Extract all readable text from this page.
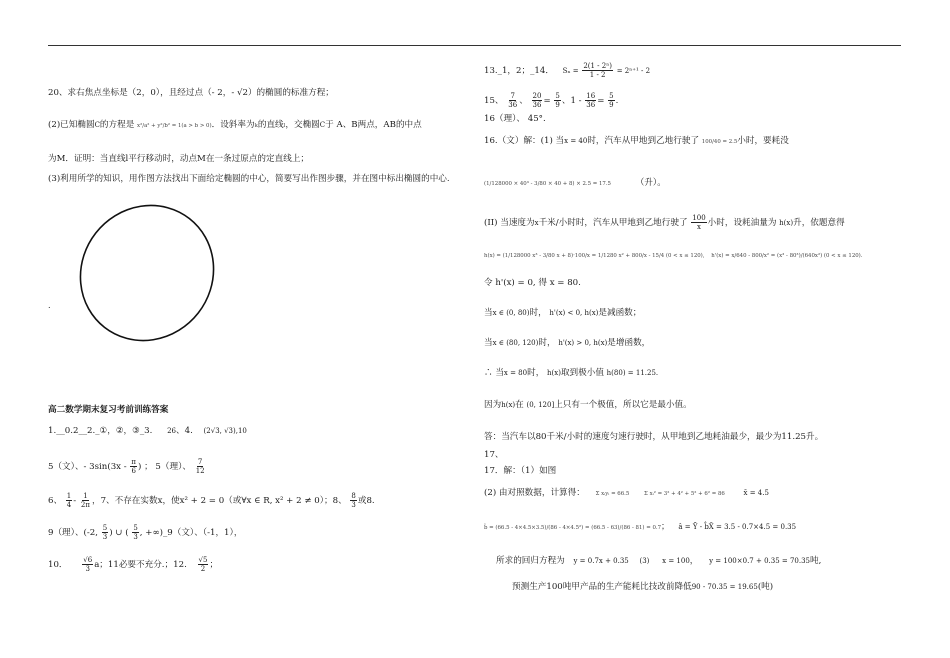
20、求右焦点坐标是（2，0），且经过点（- 2，- √2）的椭圆的标准方程；
(2)已知椭圆C的方程是 x²/a² + y²/b² = 1(a > b > 0)．设斜率为k的直线l，交椭圆C于 A、B两点，AB的中点
为M．证明：当直线l平行移动时，动点M在一条过原点的定直线上；
(3)利用所学的知识，用作图方法找出下面给定椭圆的中心，简要写出作图步骤，并在图中标出椭圆的中心.
.
高二数学期末复习考前训练答案
1.__0.2__2._①，②，③_3. 26、4. (2√3, √3),10
5（文）、- $3\sin(3x - \frac{\pi}{6}$ ) ； 5（理）、 $\frac{7}{12}$
6、 $\frac{1}{4} - \frac{1}{2\pi}$ ，7、不存在实数x，使x² + 2 = 0（或∀x ∈ R, x² + 2 ≠ 0）；8、 $\frac{8}{3}$ 或8.
9（理）、(-2, $\frac{5}{3}$ ) ∪ ( $\frac{5}{3}$ , +∞)_9（文）、（-1，1），
10． $\frac{√6}{3}$ a；11必要不充分.；12. $\frac{√5}{2}$ ；
13._1，2；_14． $S_n = \frac{\text{2(1 - 2ⁿ)}}{1 - 2} = 2^{n+1} - 2$
15、 $\frac{7}{36}$ 、 $\frac{20}{36} = \frac{5}{9}$ 、$1 - \frac{16}{36} = \frac{5}{9}$ .
16（理）、 45°.
16.（文）解：(1) 当x = 40时，汽车从甲地到乙地行驶了 100/40 = 2.5小时，要耗没
(1/128000 × 40³ - 3/80 × 40 + 8) × 2.5 = 17.5	（升）。
(II) 当速度为x千米/小时时，汽车从甲地到乙地行驶了 $\frac{100}{x}$ 小时，设耗油量为 h(x)升，依题意得
h(x) = (1/128000 x³ - 3/80 x + 8)·100/x = 1/1280 x² + 800/x - 15/4 (0 < x ≤ 120), h'(x) = x/640 - 800/x² = (x³ - 80³)/(640x²) (0 < x ≤ 120).
令 h'(x) = 0, 得 x = 80.
当x ∈ (0, 80)时， h'(x) < 0, h(x)是减函数；
当x ∈ (80, 120)时， h'(x) > 0, h(x)是增函数，
∴ 当x = 80时， h(x)取到极小值 h(80) = 11.25.
因为h(x)在 (0, 120]上只有一个极值，所以它是最小值。
答：当汽车以80千米/小时的速度匀速行驶时，从甲地到乙地耗油最少，最少为11.25升。
17、
17．解：（1）如图
(2) 由对照数据，计算得： Σ xᵢyᵢ = 66.5	Σ xᵢ² = 3² + 4² + 5² + 6² = 86	x̄ = 4.5
b̂ = (66.5 - 4×4.5×3.5)/(86 - 4×4.5²) = (66.5 - 63)/(86 - 81) = 0.7； â = Ȳ - b̂X̄ = 3.5 - 0.7×4.5 = 0.35
所求的回归方程为 y = 0.7x + 0.35 (3) x = 100， y = 100×0.7 + 0.35 = 70.35吨,
预测生产100吨甲产品的生产能耗比技改前降低90 - 70.35 = 19.65(吨)
